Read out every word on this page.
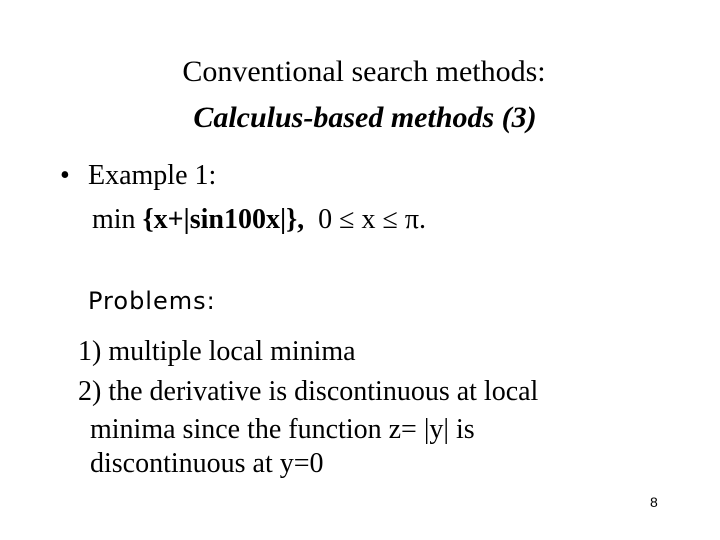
Conventional search methods:
Calculus-based methods (3)
• Example 1:
min {x+|sin100x|}, 0 ≤ x ≤ π.
Problems:
1) multiple local minima
2) the derivative is discontinuous at local
minima since the function z= |y| is
discontinuous at y=0
8
